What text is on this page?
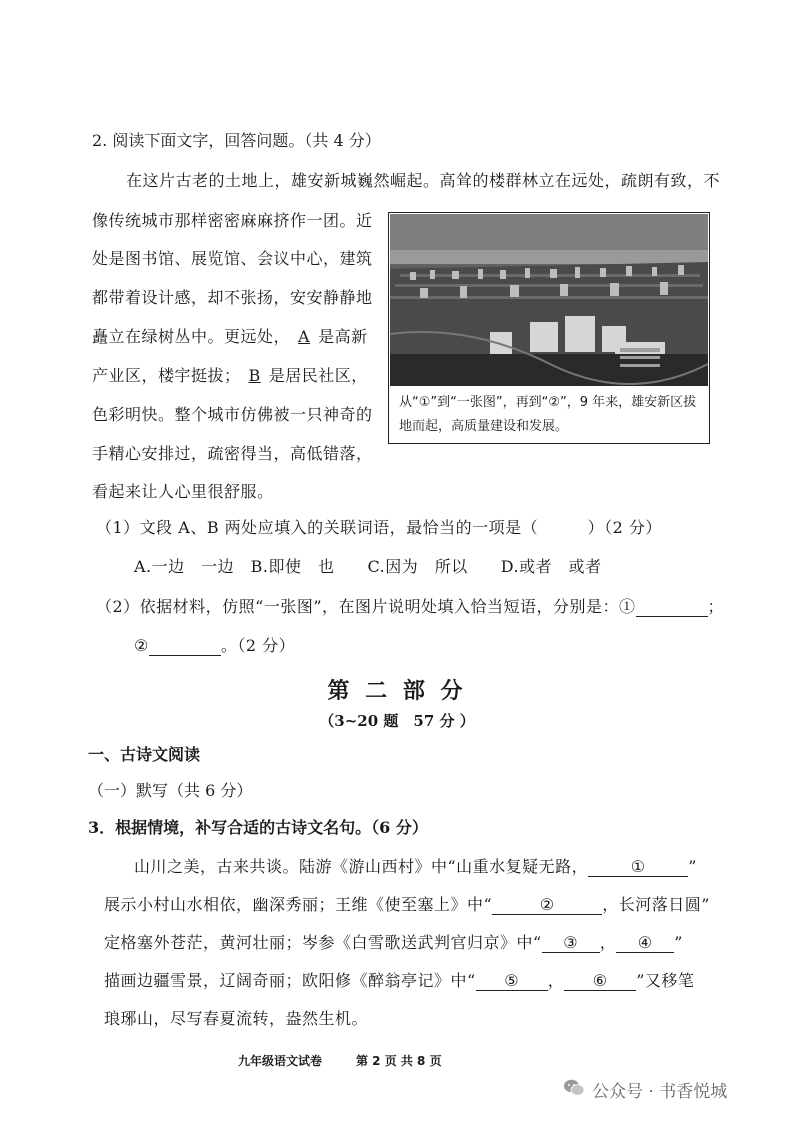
2. 阅读下面文字，回答问题。（共 4 分）
在这片古老的土地上，雄安新城巍然崛起。高耸的楼群林立在远处，疏朗有致，不
像传统城市那样密密麻麻挤作一团。近
处是图书馆、展览馆、会议中心，建筑
都带着设计感，却不张扬，安安静静地
矗立在绿树丛中。更远处， A 是高新
产业区，楼宇挺拔； B 是居民社区，
色彩明快。整个城市仿佛被一只神奇的
手精心安排过，疏密得当，高低错落，
看起来让人心里很舒服。
从“①”到“一张图”，再到“②”，9 年来，雄安新区拔地而起，高质量建设和发展。
（1）文段 A、B 两处应填入的关联词语，最恰当的一项是（　　　）（2 分）
A.一边　一边　B.即使　也　　C.因为　所以　　D.或者　或者
（2）依据材料，仿照“一张图”，在图片说明处填入恰当短语，分别是：①	；
②	。（2 分）
第 二 部 分
（3~20 题　57 分 ）
一、古诗文阅读
（一）默写（共 6 分）
3．根据情境，补写合适的古诗文名句。（6 分）
山川之美，古来共谈。陆游《游山西村》中“山重水复疑无路，	①	”
展示小村山水相依，幽深秀丽；王维《使至塞上》中“	②	，长河落日圆”
定格塞外苍茫，黄河壮丽；岑参《白雪歌送武判官归京》中“ ③ ， ④ ”
描画边疆雪景，辽阔奇丽；欧阳修《醉翁亭记》中“ ⑤ ， ⑥ ”又移笔
琅琊山，尽写春夏流转，盎然生机。
九年级语文试卷	第 2 页 共 8 页
公众号 · 书香悦城
